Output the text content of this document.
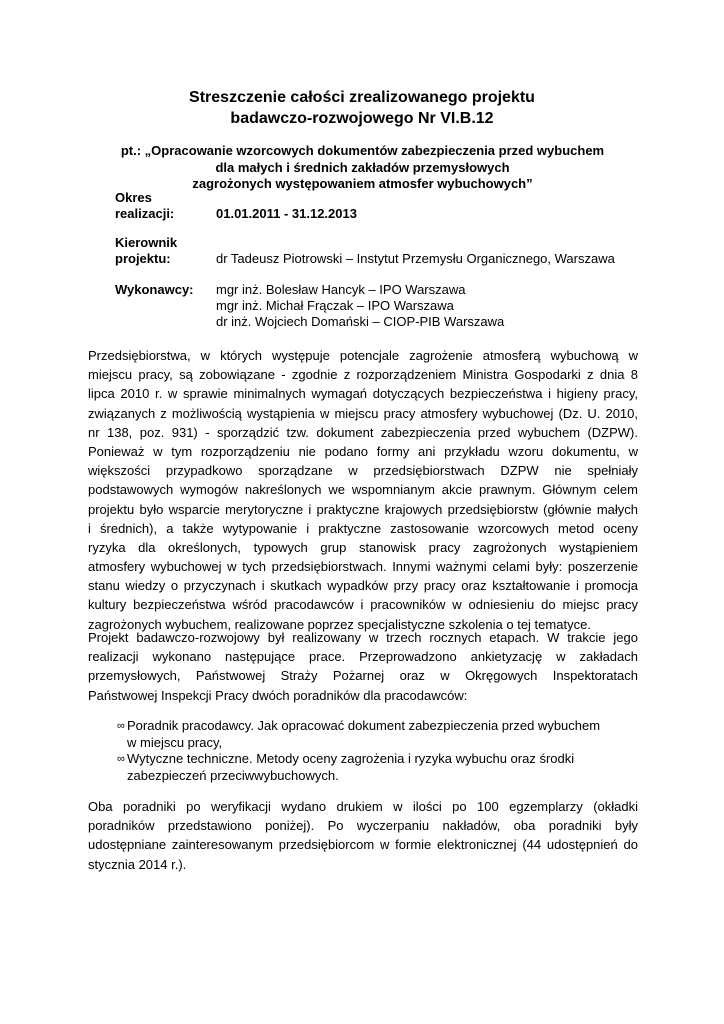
Streszczenie całości zrealizowanego projektu
badawczo-rozwojowego Nr VI.B.12
pt.: „Opracowanie wzorcowych dokumentów zabezpieczenia przed wybuchem
dla małych i średnich zakładów przemysłowych
zagrożonych występowaniem atmosfer wybuchowych”
Okres
realizacji:	01.01.2011 - 31.12.2013
Kierownik
projektu:	dr Tadeusz Piotrowski – Instytut Przemysłu Organicznego, Warszawa
Wykonawcy: mgr inż. Bolesław Hancyk – IPO Warszawa
mgr inż. Michał Frączak – IPO Warszawa
dr inż. Wojciech Domański – CIOP-PIB Warszawa
Przedsiębiorstwa, w których występuje potencjale zagrożenie atmosferą wybuchową w
miejscu pracy, są zobowiązane - zgodnie z rozporządzeniem Ministra Gospodarki z dnia 8
lipca 2010 r. w sprawie minimalnych wymagań dotyczących bezpieczeństwa i higieny pracy,
związanych z możliwością wystąpienia w miejscu pracy atmosfery wybuchowej (Dz. U. 2010,
nr 138, poz. 931) - sporządzić tzw. dokument zabezpieczenia przed wybuchem (DZPW).
Ponieważ w tym rozporządzeniu nie podano formy ani przykładu wzoru dokumentu, w
większości przypadkowo sporządzane w przedsiębiorstwach DZPW nie spełniały
podstawowych wymogów nakreślonych we wspomnianym akcie prawnym. Głównym celem
projektu było wsparcie merytoryczne i praktyczne krajowych przedsiębiorstw (głównie małych
i średnich), a także wytypowanie i praktyczne zastosowanie wzorcowych metod oceny
ryzyka dla określonych, typowych grup stanowisk pracy zagrożonych wystąpieniem
atmosfery wybuchowej w tych przedsiębiorstwach. Innymi ważnymi celami były: poszerzenie
stanu wiedzy o przyczynach i skutkach wypadków przy pracy oraz kształtowanie i promocja
kultury bezpieczeństwa wśród pracodawców i pracowników w odniesieniu do miejsc pracy
zagrożonych wybuchem, realizowane poprzez specjalistyczne szkolenia o tej tematyce.
Projekt badawczo-rozwojowy był realizowany w trzech rocznych etapach. W trakcie jego
realizacji wykonano następujące prace. Przeprowadzono ankietyzację w zakładach
przemysłowych, Państwowej Straży Pożarnej oraz w Okręgowych Inspektoratach
Państwowej Inspekcji Pracy dwóch poradników dla pracodawców:
∞ Poradnik pracodawcy. Jak opracować dokument zabezpieczenia przed wybuchem
w miejscu pracy,
∞ Wytyczne techniczne. Metody oceny zagrożenia i ryzyka wybuchu oraz środki
zabezpieczeń przeciwwybuchowych.
Oba poradniki po weryfikacji wydano drukiem w ilości po 100 egzemplarzy (okładki
poradników przedstawiono poniżej). Po wyczerpaniu nakładów, oba poradniki były
udostępniane zainteresowanym przedsiębiorcom w formie elektronicznej (44 udostępnień do
stycznia 2014 r.).
